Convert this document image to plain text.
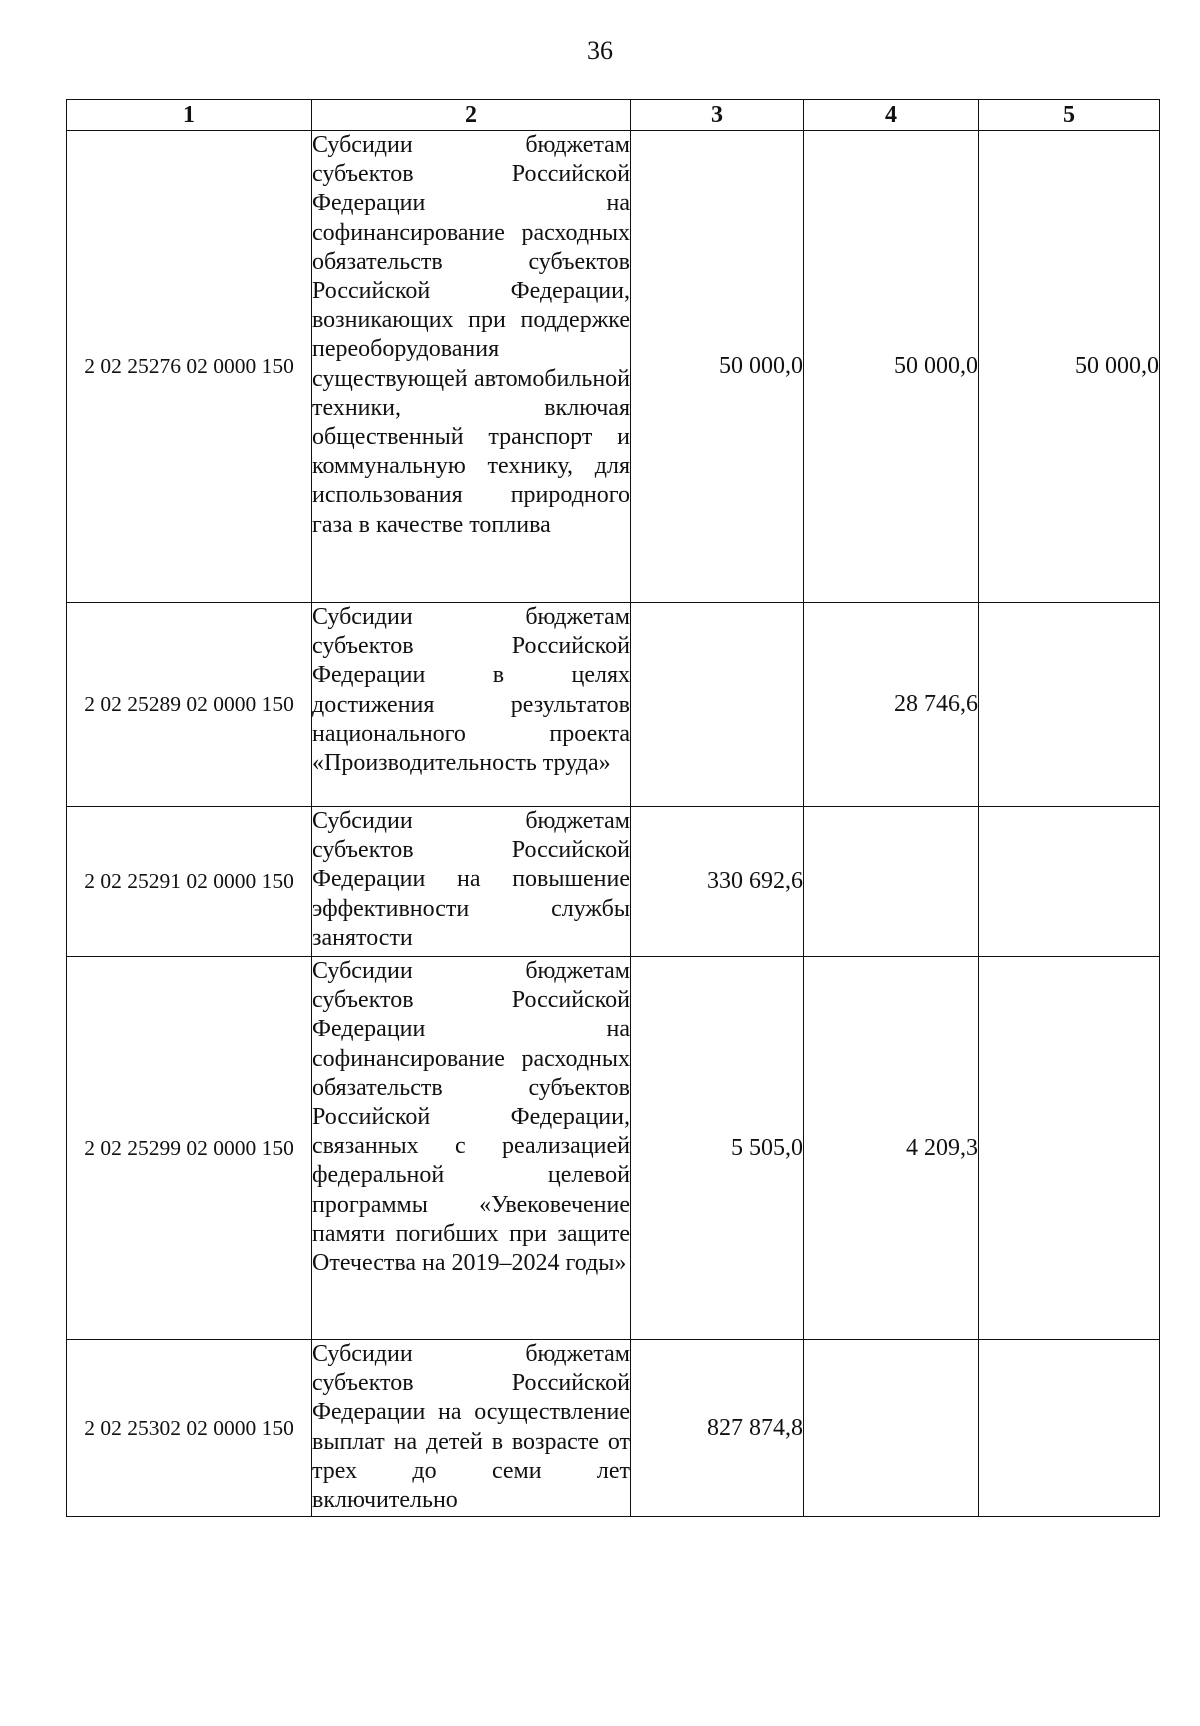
36
1	2	3	4	5
2 02 25276 02 0000 150	Субсидии бюджетам субъектов Российской Федерации на софинансирование расходных обязательств субъектов Российской Федерации, возникающих при поддержке переоборудования существующей автомобильной техники, включая общественный транспорт и коммунальную технику, для использования природного газа в качестве топлива	50 000,0	50 000,0	50 000,0
2 02 25289 02 0000 150	Субсидии бюджетам субъектов Российской Федерации в целях достижения результатов национального проекта «Производительность труда»		28 746,6	
2 02 25291 02 0000 150	Субсидии бюджетам субъектов Российской Федерации на повышение эффективности службы занятости	330 692,6		
2 02 25299 02 0000 150	Субсидии бюджетам субъектов Российской Федерации на софинансирование расходных обязательств субъектов Российской Федерации, связанных с реализацией федеральной целевой программы «Увековечение памяти погибших при защите Отечества на 2019–2024 годы»	5 505,0	4 209,3	
2 02 25302 02 0000 150	Субсидии бюджетам субъектов Российской Федерации на осуществление выплат на детей в возрасте от трех до семи лет включительно	827 874,8		
